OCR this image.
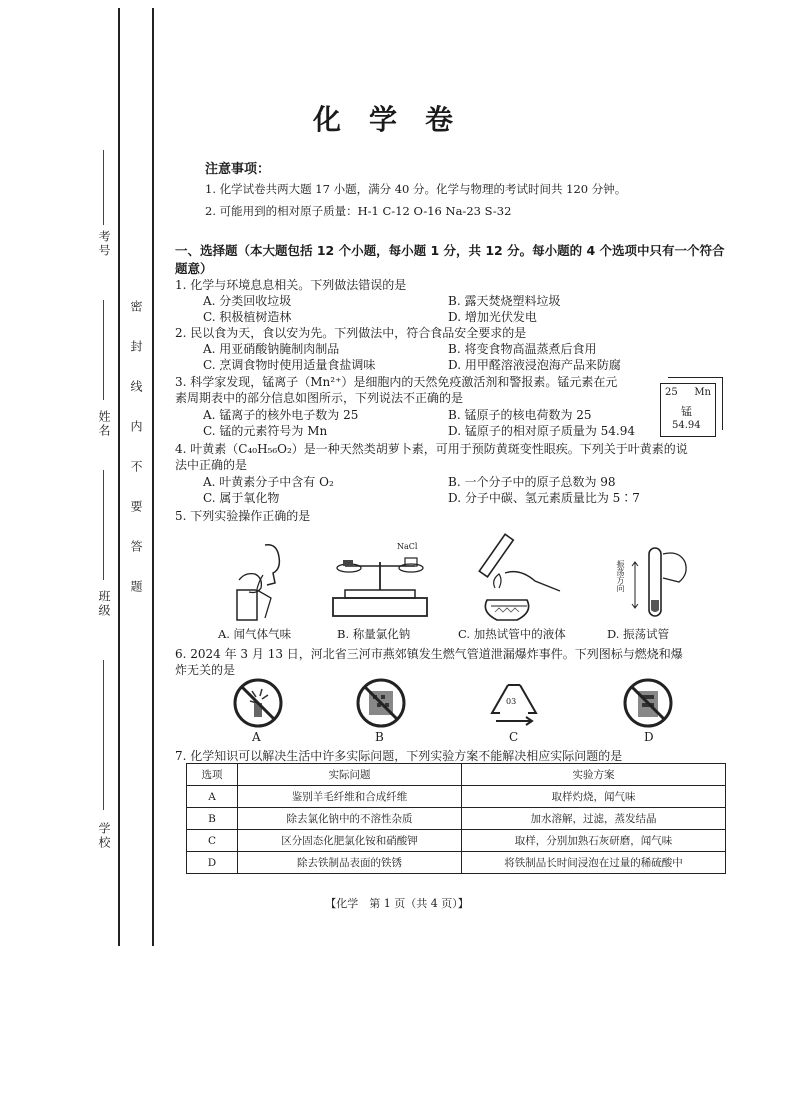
考号
姓名
班级
学校
密封线内不要答题
化学卷
注意事项：
1. 化学试卷共两大题 17 小题，满分 40 分。化学与物理的考试时间共 120 分钟。
2. 可能用到的相对原子质量：H-1 C-12 O-16 Na-23 S-32
一、选择题（本大题包括 12 个小题，每小题 1 分，共 12 分。每小题的 4 个选项中只有一个符合题意）
1. 化学与环境息息相关。下列做法错误的是
A. 分类回收垃圾	B. 露天焚烧塑料垃圾
C. 积极植树造林	D. 增加光伏发电
2. 民以食为天，食以安为先。下列做法中，符合食品安全要求的是
A. 用亚硝酸钠腌制肉制品	B. 将变食物高温蒸煮后食用
C. 烹调食物时使用适量食盐调味	D. 用甲醛溶液浸泡海产品来防腐
3. 科学家发现，锰离子（Mn²⁺）是细胞内的天然免疫激活剂和警报素。锰元素在元
素周期表中的部分信息如图所示，下列说法不正确的是
A. 锰离子的核外电子数为 25	B. 锰原子的核电荷数为 25
C. 锰的元素符号为 Mn	D. 锰原子的相对原子质量为 54.94
25 Mn
锰
54.94
4. 叶黄素（C₄₀H₅₆O₂）是一种天然类胡萝卜素，可用于预防黄斑变性眼疾。下列关于叶黄素的说
法中正确的是
A. 叶黄素分子中含有 O₂	B. 一个分子中的原子总数为 98
C. 属于氧化物	D. 分子中碳、氢元素质量比为 5∶7
5. 下列实验操作正确的是
A. 闻气体气味
NaCl
B. 称量氯化钠	C. 加热试管中的液体
振荡方向
D. 振荡试管
6. 2024 年 3 月 13 日，河北省三河市燕郊镇发生燃气管道泄漏爆炸事件。下列图标与燃烧和爆
炸无关的是
A	B
03
C	D
7. 化学知识可以解决生活中许多实际问题，下列实验方案不能解决相应实际问题的是
选项	实际问题	实验方案
A	鉴别羊毛纤维和合成纤维	取样灼烧，闻气味
B	除去氯化钠中的不溶性杂质	加水溶解，过滤，蒸发结晶
C	区分固态化肥氯化铵和硝酸钾	取样，分别加熟石灰研磨，闻气味
D	除去铁制品表面的铁锈	将铁制品长时间浸泡在过量的稀硫酸中
【化学　第 1 页（共 4 页）】
